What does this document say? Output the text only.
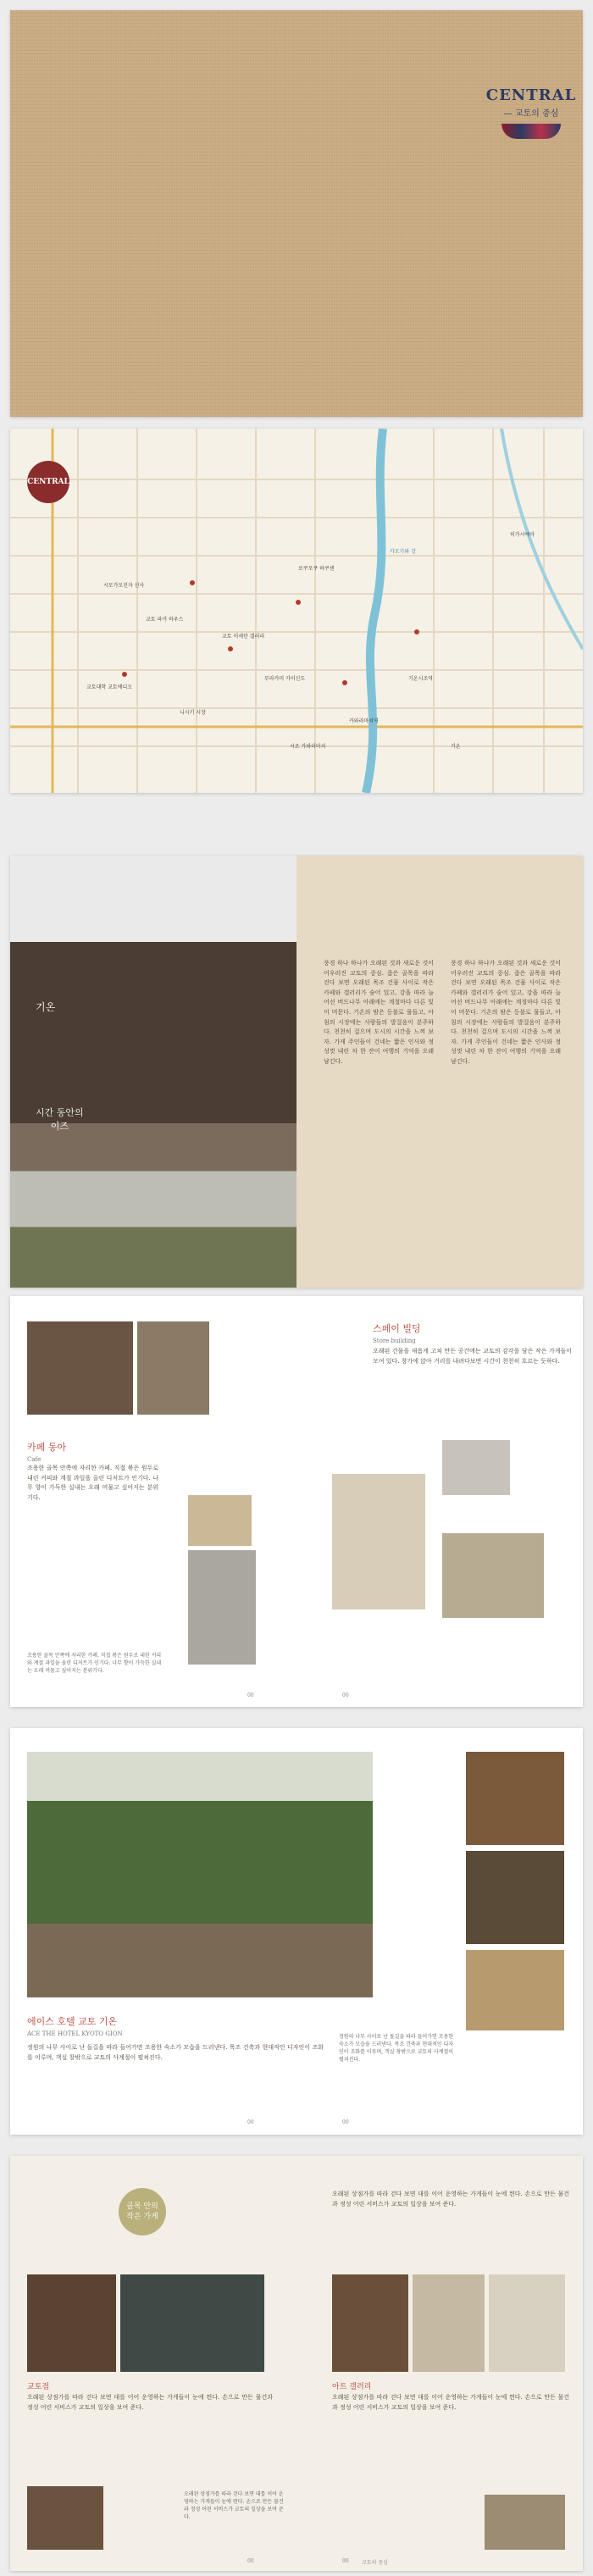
CENTRAL
— 교토의 중심
CENTRAL
시모가모진자 신사
교토대학 교토에디오
로쿠모쿠 하쿠센
교토 이세탄 갤러리
카와라마치역
기온시조역
니시키 시장
카모가와 강
무라카미 카이신도
히가시야마
교토 파커 하우스
기온
시조 카와라마치
기온
시간 동안의
이즈
풍경 하나 하나가 오래된 것과 새로운 것이 어우러진 교토의 중심. 좁은 골목을 따라 걷다 보면 오래된 목조 건물 사이로 작은 카페와 갤러리가 숨어 있고, 강을 따라 늘어선 버드나무 아래에는 계절마다 다른 빛이 머문다. 기온의 밤은 등불로 물들고, 아침의 시장에는 사람들의 발걸음이 분주하다. 천천히 걸으며 도시의 시간을 느껴 보자. 가게 주인들이 건네는 짧은 인사와 정성껏 내린 차 한 잔이 여행의 기억을 오래 남긴다.
풍경 하나 하나가 오래된 것과 새로운 것이 어우러진 교토의 중심. 좁은 골목을 따라 걷다 보면 오래된 목조 건물 사이로 작은 카페와 갤러리가 숨어 있고, 강을 따라 늘어선 버드나무 아래에는 계절마다 다른 빛이 머문다. 기온의 밤은 등불로 물들고, 아침의 시장에는 사람들의 발걸음이 분주하다. 천천히 걸으며 도시의 시간을 느껴 보자. 가게 주인들이 건네는 짧은 인사와 정성껏 내린 차 한 잔이 여행의 기억을 오래 남긴다.
카페 동아
Cafe
조용한 골목 안쪽에 자리한 카페. 직접 볶은 원두로 내린 커피와 계절 과일을 올린 디저트가 인기다. 나무 향이 가득한 실내는 오래 머물고 싶어지는 분위기다.
조용한 골목 안쪽에 자리한 카페. 직접 볶은 원두로 내린 커피와 계절 과일을 올린 디저트가 인기다. 나무 향이 가득한 실내는 오래 머물고 싶어지는 분위기다.
00
스페이 빌딩
Store building
오래된 건물을 새롭게 고쳐 만든 공간에는 교토의 감각을 담은 작은 가게들이 모여 있다. 창가에 앉아 거리를 내려다보면 시간이 천천히 흐르는 듯하다.
00
에이스 호텔 교토 기온
ACE THE HOTEL KYOTO GION
정원의 나무 사이로 난 돌길을 따라 들어가면 조용한 숙소가 모습을 드러낸다. 목조 건축과 현대적인 디자인이 조화를 이루며, 객실 창밖으로 교토의 사계절이 펼쳐진다.
정원의 나무 사이로 난 돌길을 따라 들어가면 조용한 숙소가 모습을 드러낸다. 목조 건축과 현대적인 디자인이 조화를 이루며, 객실 창밖으로 교토의 사계절이 펼쳐진다.
00	00
골목 안의
작은 가게
교토점
오래된 상점가를 따라 걷다 보면 대를 이어 운영하는 가게들이 눈에 띈다. 손으로 만든 물건과 정성 어린 서비스가 교토의 일상을 보여 준다.
오래된 상점가를 따라 걷다 보면 대를 이어 운영하는 가게들이 눈에 띈다. 손으로 만든 물건과 정성 어린 서비스가 교토의 일상을 보여 준다.
00
오래된 상점가를 따라 걷다 보면 대를 이어 운영하는 가게들이 눈에 띈다. 손으로 만든 물건과 정성 어린 서비스가 교토의 일상을 보여 준다.
아트 갤러리
오래된 상점가를 따라 걷다 보면 대를 이어 운영하는 가게들이 눈에 띈다. 손으로 만든 물건과 정성 어린 서비스가 교토의 일상을 보여 준다.
00	교토의 중심
